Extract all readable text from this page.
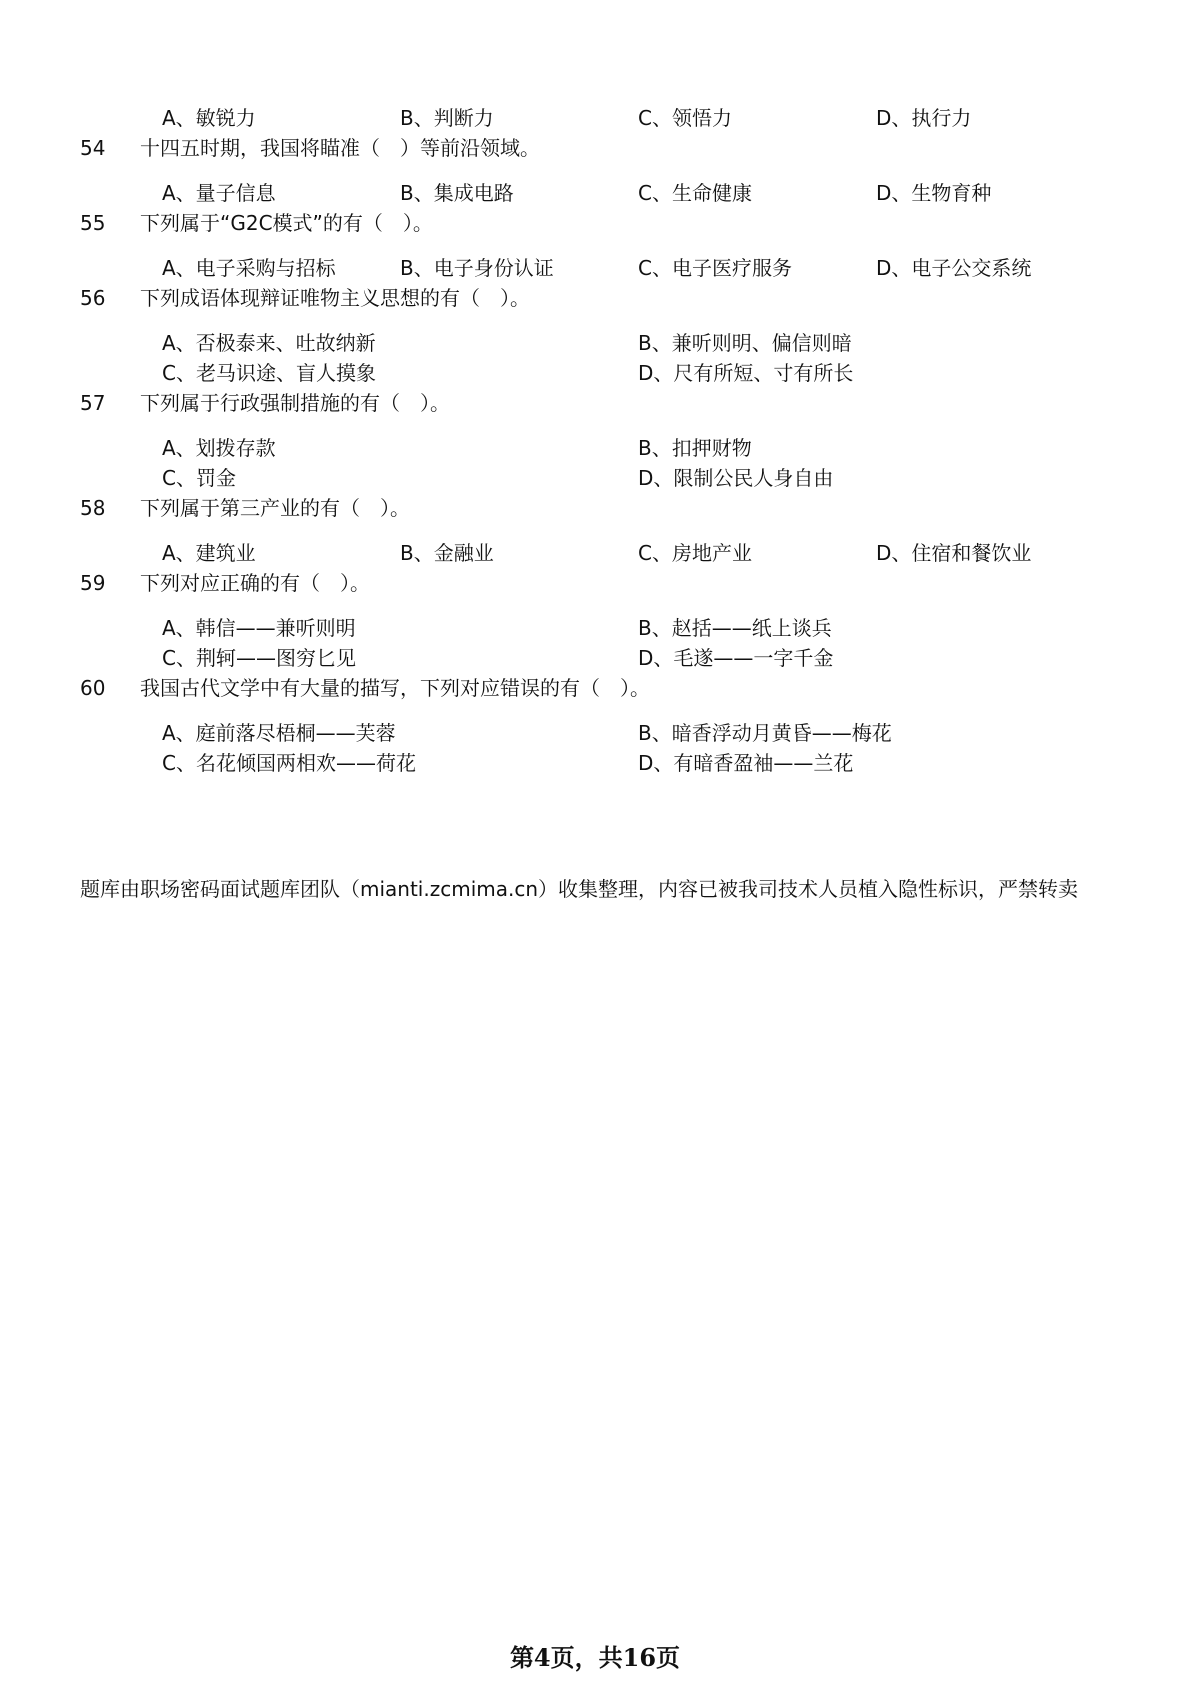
A、敏锐力	B、判断力	C、领悟力	D、执行力
54	十四五时期，我国将瞄准（　）等前沿领域。
A、量子信息	B、集成电路	C、生命健康	D、生物育种
55	下列属于“G2C模式”的有（　）。
A、电子采购与招标	B、电子身份认证	C、电子医疗服务	D、电子公交系统
56	下列成语体现辩证唯物主义思想的有（　）。
A、否极泰来、吐故纳新	B、兼听则明、偏信则暗
C、老马识途、盲人摸象	D、尺有所短、寸有所长
57	下列属于行政强制措施的有（　）。
A、划拨存款	B、扣押财物
C、罚金	D、限制公民人身自由
58	下列属于第三产业的有（　）。
A、建筑业	B、金融业	C、房地产业	D、住宿和餐饮业
59	下列对应正确的有（　）。
A、韩信——兼听则明	B、赵括——纸上谈兵
C、荆轲——图穷匕见	D、毛遂——一字千金
60	我国古代文学中有大量的描写，下列对应错误的有（　）。
A、庭前落尽梧桐——芙蓉	B、暗香浮动月黄昏——梅花
C、名花倾国两相欢——荷花	D、有暗香盈袖——兰花
题库由职场密码面试题库团队（mianti.zcmima.cn）收集整理，内容已被我司技术人员植入隐性标识，严禁转卖
第4页，共16页
